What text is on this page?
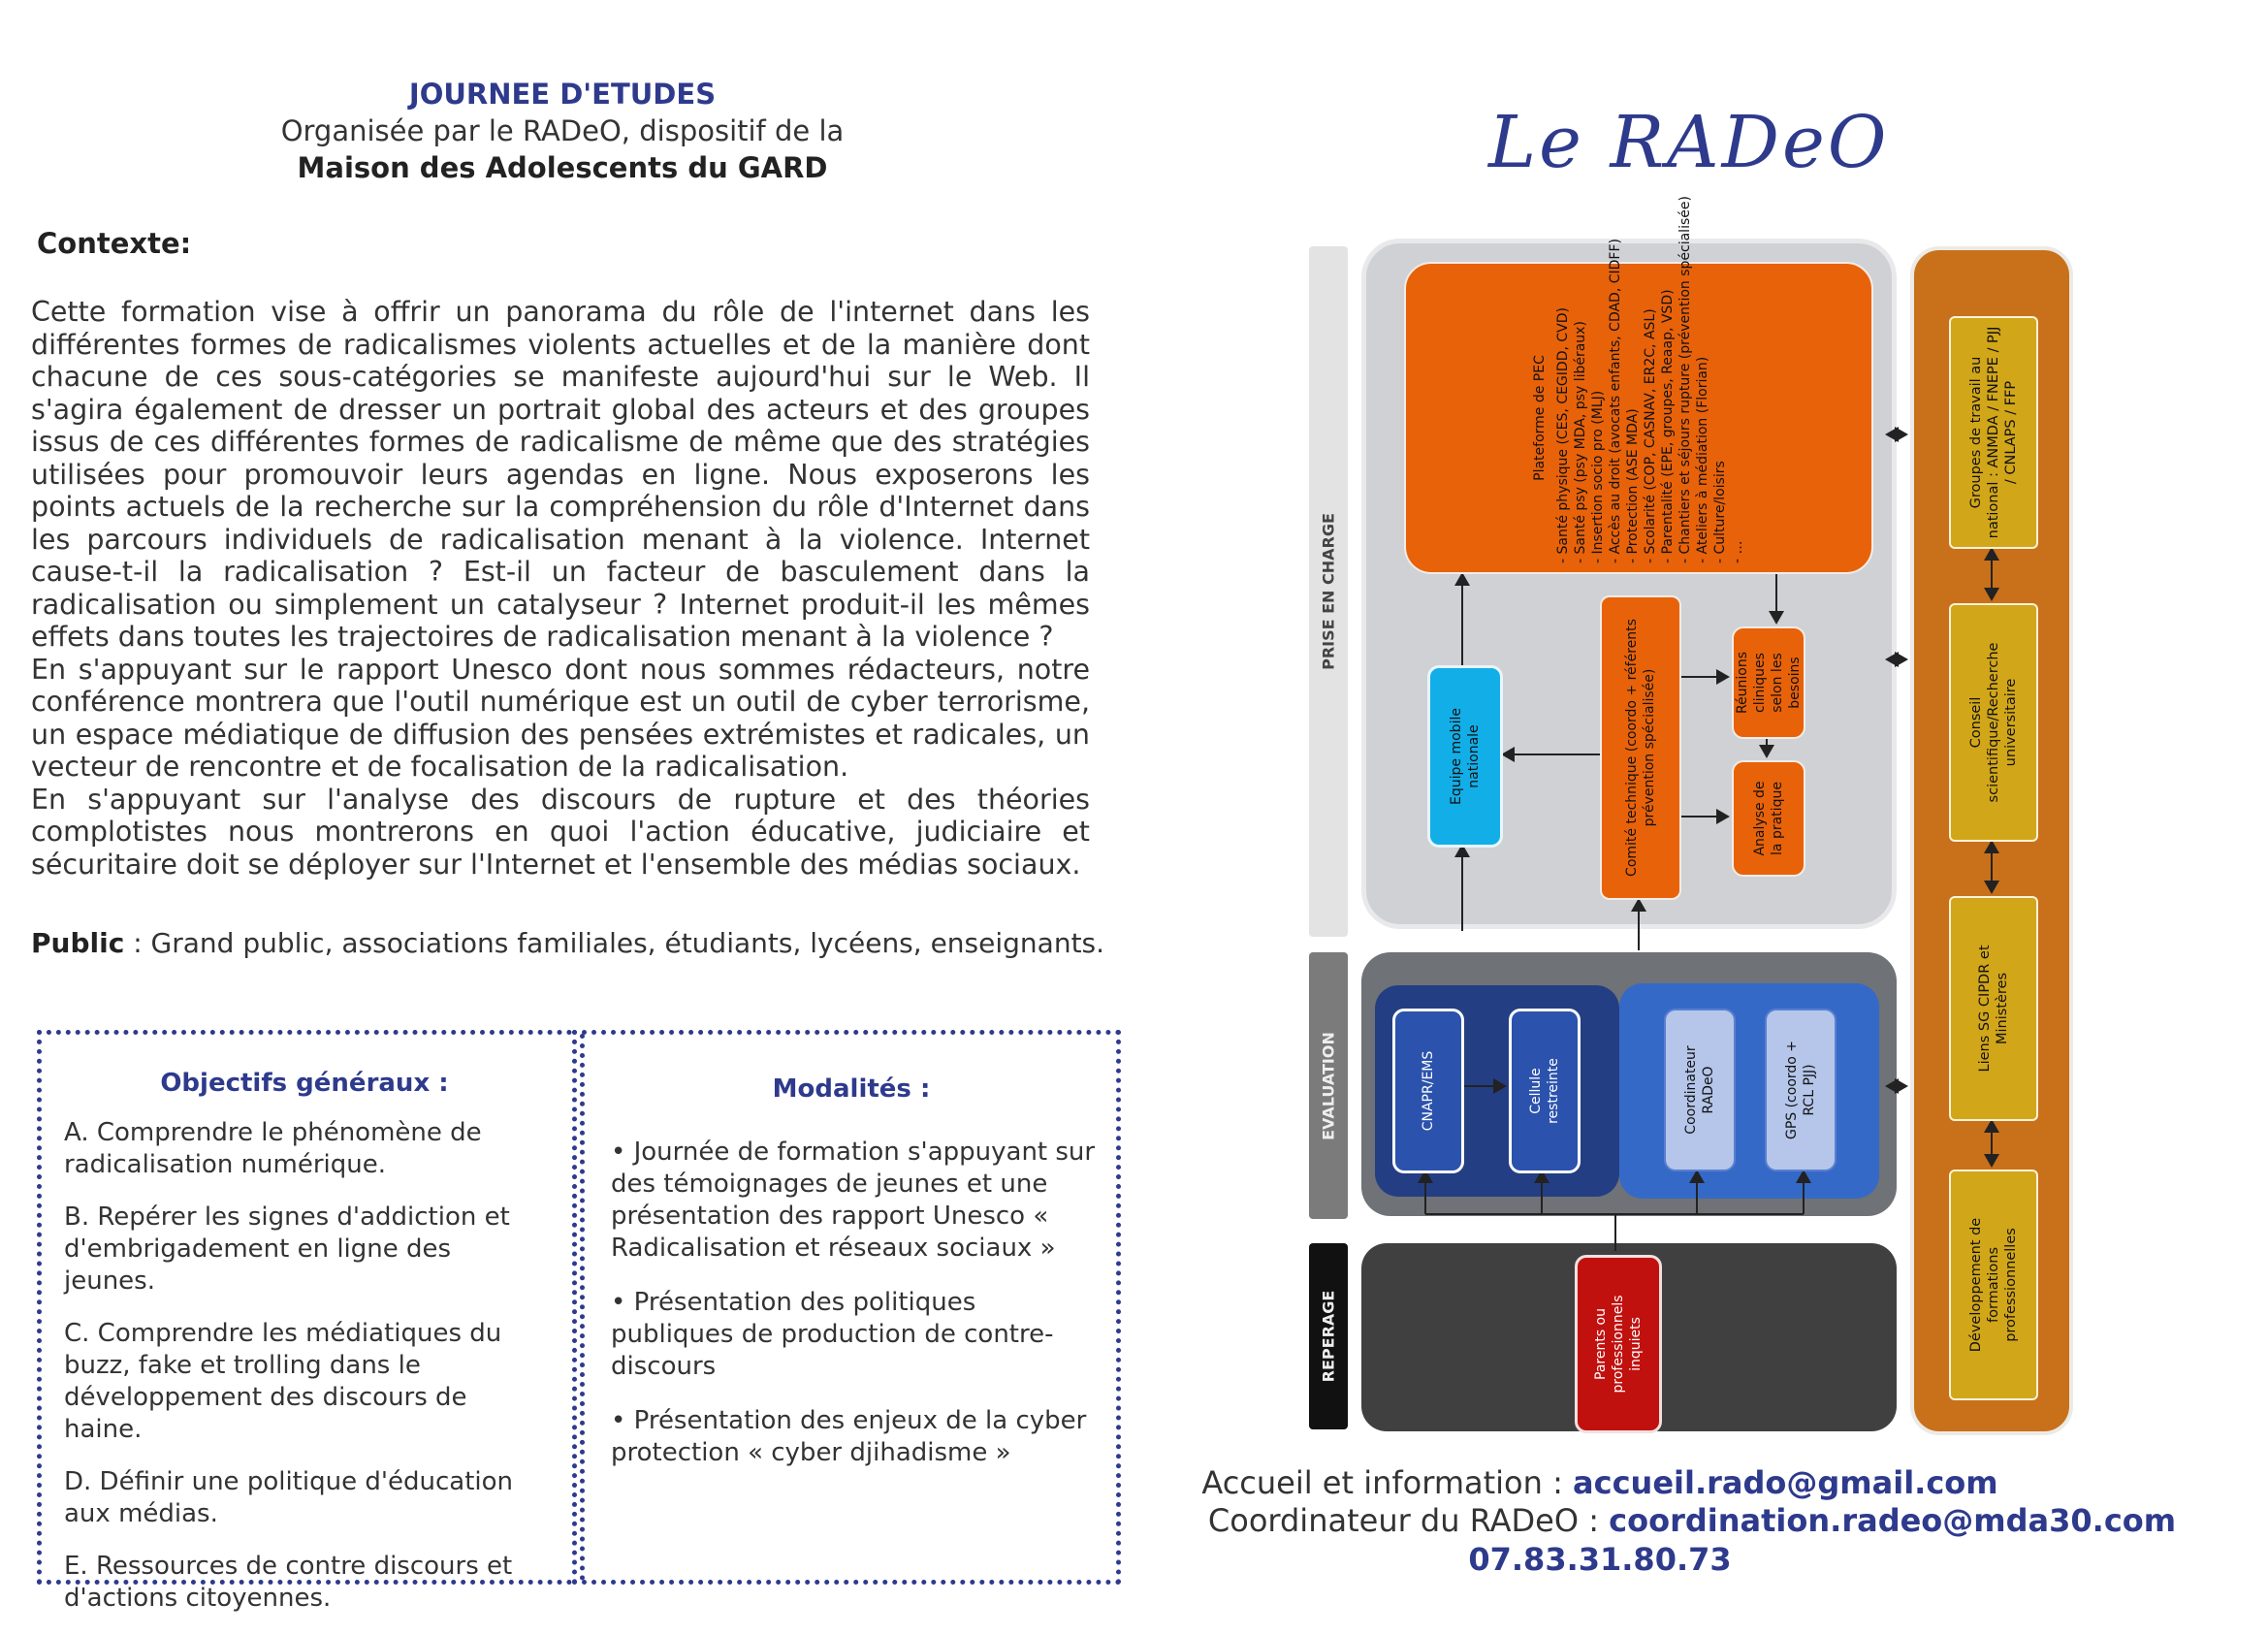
JOURNEE D'ETUDES
Organisée par le RADeO, dispositif de la
Maison des Adolescents du GARD
Contexte:

Cette formation vise à offrir un panorama du rôle de l'internet dans les différentes formes de radicalismes violents actuelles et de la manière dont chacune de ces sous-catégories se manifeste aujourd'hui sur le Web. Il s'agira également de dresser un portrait global des acteurs et des groupes issus de ces différentes formes de radicalisme de même que des stratégies utilisées pour promouvoir leurs agendas en ligne. Nous exposerons les points actuels de la recherche sur la compréhension du rôle d'Internet dans les parcours individuels de radicalisation menant à la violence. Internet cause-t-il la radicalisation ? Est-il un facteur de basculement dans la radicalisation ou simplement un catalyseur ? Internet produit-il les mêmes effets dans toutes les trajectoires de radicalisation menant à la violence ?

En s'appuyant sur le rapport Unesco dont nous sommes rédacteurs, notre conférence montrera que l'outil numérique est un outil de cyber terrorisme, un espace médiatique de diffusion des pensées extrémistes et radicales, un vecteur de rencontre et de focalisation de la radicalisation.

En s'appuyant sur l'analyse des discours de rupture et des théories complotistes nous montrerons en quoi l'action éducative, judiciaire et sécuritaire doit se déployer sur l'Internet et l'ensemble des médias sociaux.

Public : Grand public, associations familiales, étudiants, lycéens, enseignants.
Objectifs généraux :
A. Comprendre le phénomène de radicalisation numérique.
B. Repérer les signes d'addiction et d'embrigadement en ligne des jeunes.
C. Comprendre les médiatiques du buzz, fake et trolling dans le développement des discours de haine.
D. Définir une politique d'éducation aux médias.
E. Ressources de contre discours et d'actions citoyennes.
Modalités :
• Journée de formation s'appuyant sur des témoignages de jeunes et une présentation des rapport Unesco « Radicalisation et réseaux sociaux »
• Présentation des politiques publiques de production de contre-discours
• Présentation des enjeux de la cyber protection « cyber djihadisme »
Le RADeO
PRISE EN CHARGE
EVALUATION
REPERAGE
Plateforme de PEC - Santé physique (CES, CEGIDD, CVD) - Santé psy (psy MDA, psy libéraux) - Insertion socio pro (MLJ) - Accès au droit (avocats enfants, CDAD, CIDFF) - Protection (ASE MDA) - Scolarité (COP, CASNAV, ER2C, ASL) - Parentalité (EPE, groupes, Reaap, VSD) - Chantiers et séjours rupture (prévention spécialisée) - Ateliers à médiation (Florian) - Culture/loisirs - …
Equipe mobile nationale	Comité technique (coordo + référents prévention spécialisée)	Réunions cliniques selon les besoins
Analyse de la pratique
CNAPR/EMS	Cellule restreinte	Coordinateur RADeO	GPS (coordo + RCL PJJ)
Parents ou professionnels inquiets
Groupes de travail au national : ANMDA / FNEPE / PJJ / CNLAPS / FFP
Conseil scientifique/Recherche universitaire
Liens SG CIPDR et Ministères
Développement de formations professionnelles
Accueil et information : accueil.rado@gmail.com
Coordinateur du RADeO : coordination.radeo@mda30.com
07.83.31.80.73
